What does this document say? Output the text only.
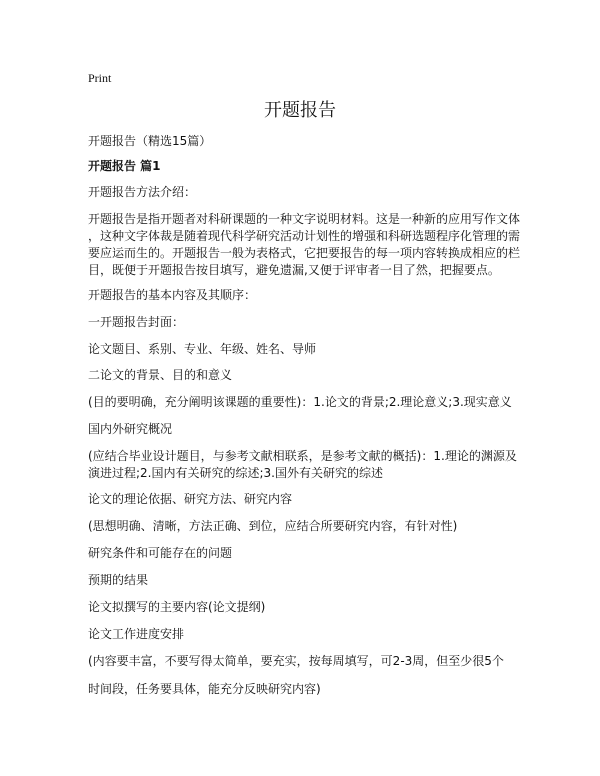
Print
开题报告
开题报告（精选15篇）
开题报告 篇1
开题报告方法介绍：
开题报告是指开题者对科研课题的一种文字说明材料。这是一种新的应用写作文体
，这种文字体裁是随着现代科学研究活动计划性的增强和科研选题程序化管理的需
要应运而生的。开题报告一般为表格式，它把要报告的每一项内容转换成相应的栏
目，既便于开题报告按目填写，避免遗漏,又便于评审者一目了然，把握要点。
开题报告的基本内容及其顺序：
一开题报告封面：
论文题目、系别、专业、年级、姓名、导师
二论文的背景、目的和意义
(目的要明确，充分阐明该课题的重要性)：1.论文的背景;2.理论意义;3.现实意义
国内外研究概况
(应结合毕业设计题目，与参考文献相联系，是参考文献的概括)：1.理论的渊源及
演进过程;2.国内有关研究的综述;3.国外有关研究的综述
论文的理论依据、研究方法、研究内容
(思想明确、清晰，方法正确、到位，应结合所要研究内容，有针对性)
研究条件和可能存在的问题
预期的结果
论文拟撰写的主要内容(论文提纲)
论文工作进度安排
(内容要丰富，不要写得太简单，要充实，按每周填写，可2-3周，但至少很5个
时间段，任务要具体，能充分反映研究内容)
